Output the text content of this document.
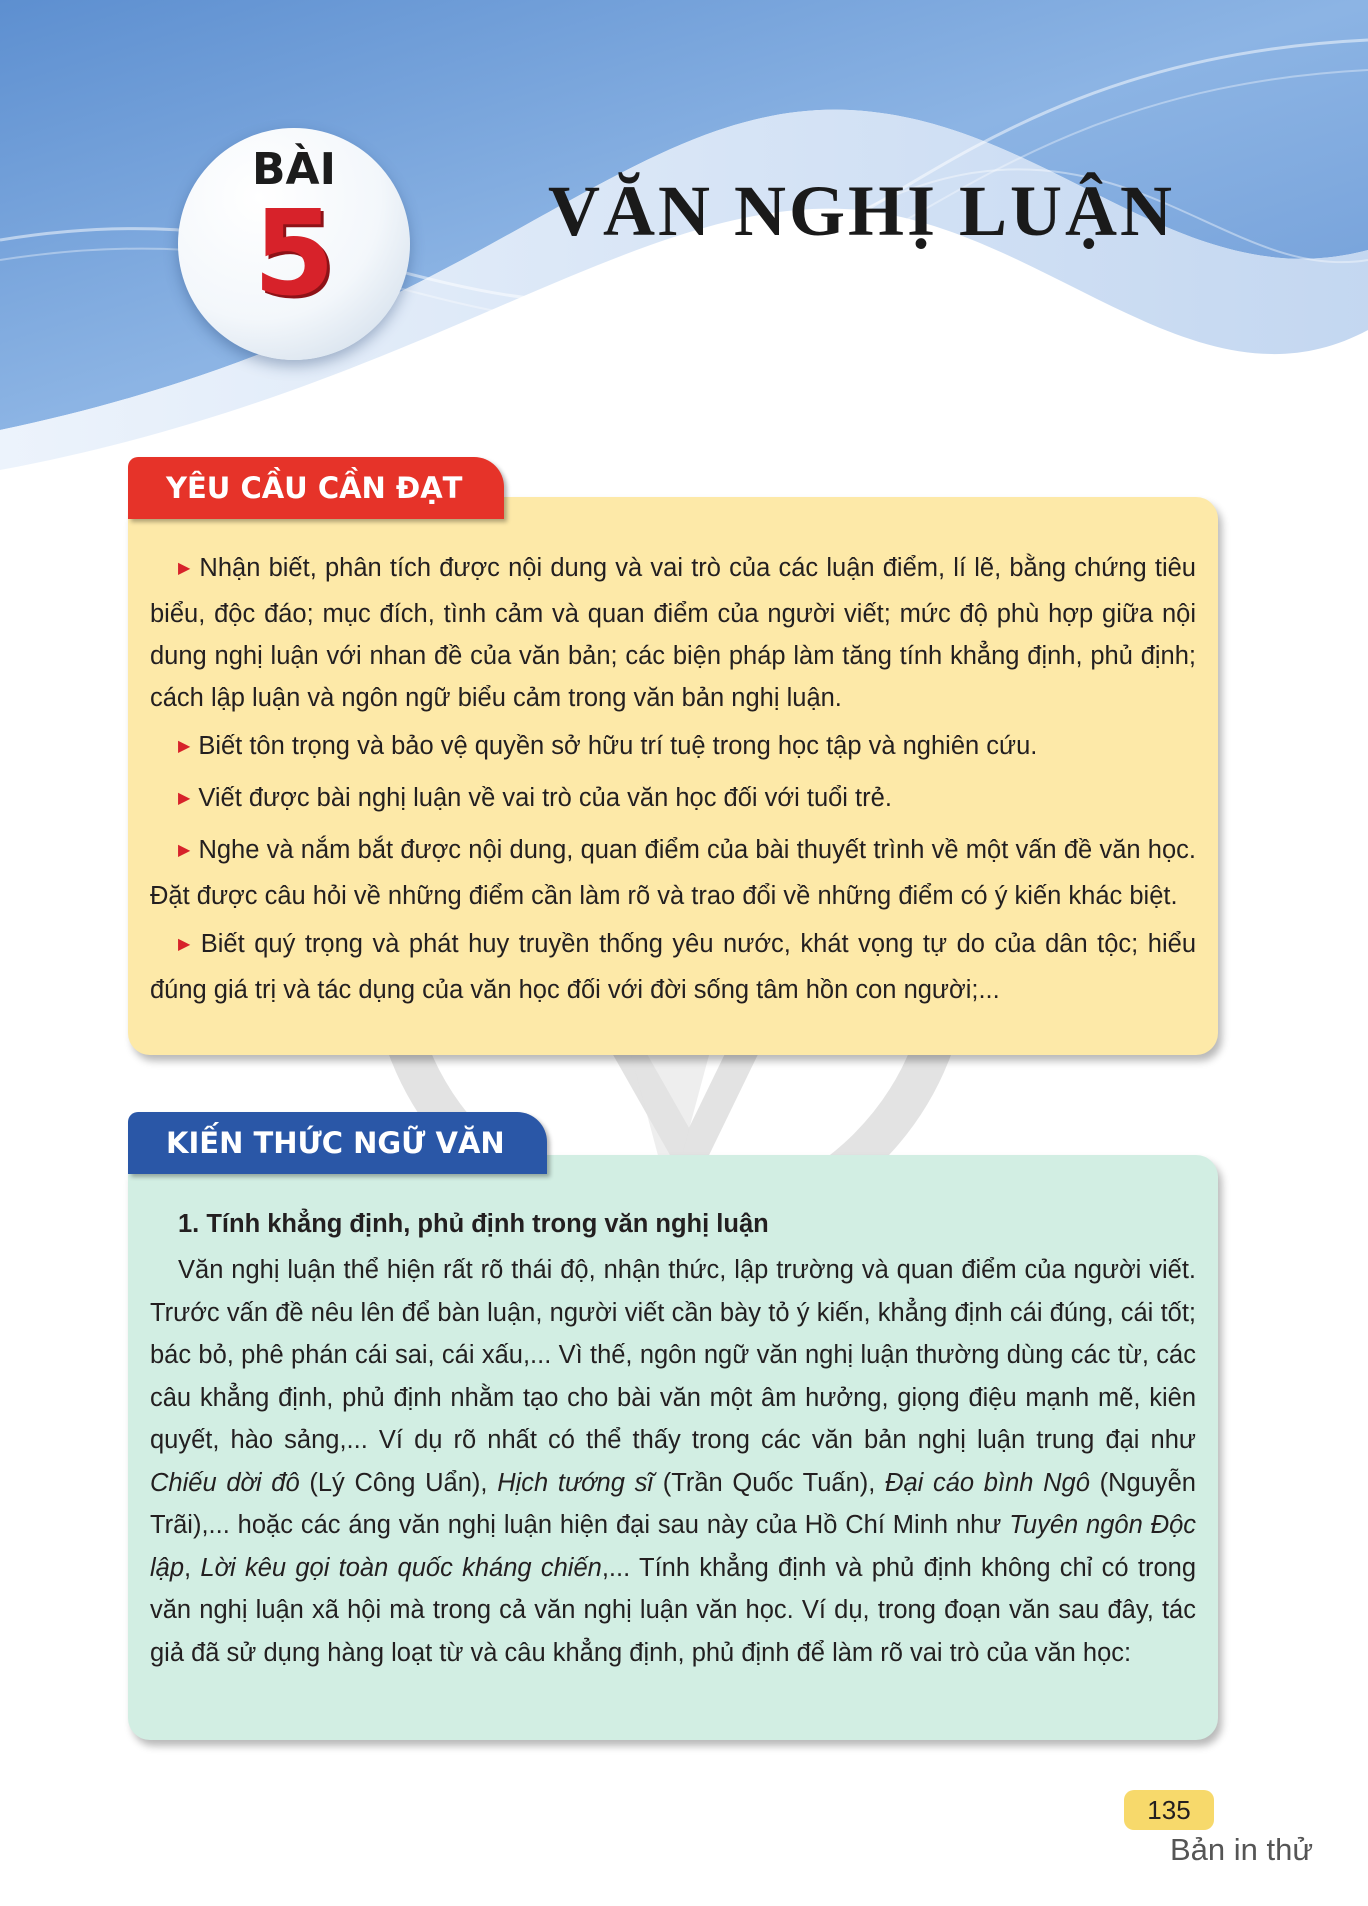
BÀI
5	VĂN NGHỊ LUẬN
YÊU CẦU CẦN ĐẠT

▶ Nhận biết, phân tích được nội dung và vai trò của các luận điểm, lí lẽ, bằng chứng tiêu biểu, độc đáo; mục đích, tình cảm và quan điểm của người viết; mức độ phù hợp giữa nội dung nghị luận với nhan đề của văn bản; các biện pháp làm tăng tính khẳng định, phủ định; cách lập luận và ngôn ngữ biểu cảm trong văn bản nghị luận.

▶ Biết tôn trọng và bảo vệ quyền sở hữu trí tuệ trong học tập và nghiên cứu.

▶ Viết được bài nghị luận về vai trò của văn học đối với tuổi trẻ.

▶ Nghe và nắm bắt được nội dung, quan điểm của bài thuyết trình về một vấn đề văn học. Đặt được câu hỏi về những điểm cần làm rõ và trao đổi về những điểm có ý kiến khác biệt.

▶ Biết quý trọng và phát huy truyền thống yêu nước, khát vọng tự do của dân tộc; hiểu đúng giá trị và tác dụng của văn học đối với đời sống tâm hồn con người;...

KIẾN THỨC NGỮ VĂN

1. Tính khẳng định, phủ định trong văn nghị luận

Văn nghị luận thể hiện rất rõ thái độ, nhận thức, lập trường và quan điểm của người viết. Trước vấn đề nêu lên để bàn luận, người viết cần bày tỏ ý kiến, khẳng định cái đúng, cái tốt; bác bỏ, phê phán cái sai, cái xấu,... Vì thế, ngôn ngữ văn nghị luận thường dùng các từ, các câu khẳng định, phủ định nhằm tạo cho bài văn một âm hưởng, giọng điệu mạnh mẽ, kiên quyết, hào sảng,... Ví dụ rõ nhất có thể thấy trong các văn bản nghị luận trung đại như Chiếu dời đô (Lý Công Uẩn), Hịch tướng sĩ (Trần Quốc Tuấn), Đại cáo bình Ngô (Nguyễn Trãi),... hoặc các áng văn nghị luận hiện đại sau này của Hồ Chí Minh như Tuyên ngôn Độc lập, Lời kêu gọi toàn quốc kháng chiến,... Tính khẳng định và phủ định không chỉ có trong văn nghị luận xã hội mà trong cả văn nghị luận văn học. Ví dụ, trong đoạn văn sau đây, tác giả đã sử dụng hàng loạt từ và câu khẳng định, phủ định để làm rõ vai trò của văn học:

135
Bản in thử
